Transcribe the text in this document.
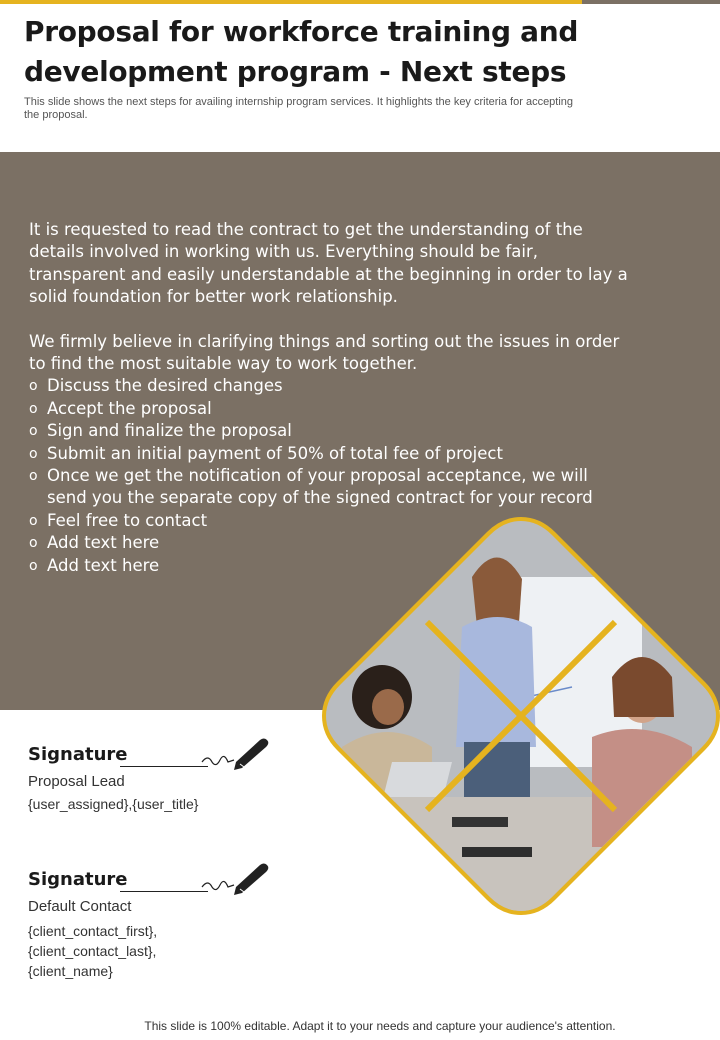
Proposal for workforce training and
development program - Next steps
This slide shows the next steps for availing internship program services. It highlights the key criteria for accepting the proposal.

It is requested to read the contract to get the understanding of the details involved in working with us. Everything should be fair, transparent and easily understandable at the beginning in order to lay a solid foundation for better work relationship.

We firmly believe in clarifying things and sorting out the issues in order to find the most suitable way to work together.
o Discuss the desired changes
o Accept the proposal
o Sign and finalize the proposal
o Submit an initial payment of 50% of total fee of project
o Once we get the notification of your proposal acceptance, we will send you the separate copy of the signed contract for your record
o Feel free to contact
o Add text here
o Add text here
Signature
Proposal Lead
{user_assigned},{user_title}
Signature
Default Contact
{client_contact_first},
{client_contact_last},
{client_name}
This slide is 100% editable. Adapt it to your needs and capture your audience's attention.
